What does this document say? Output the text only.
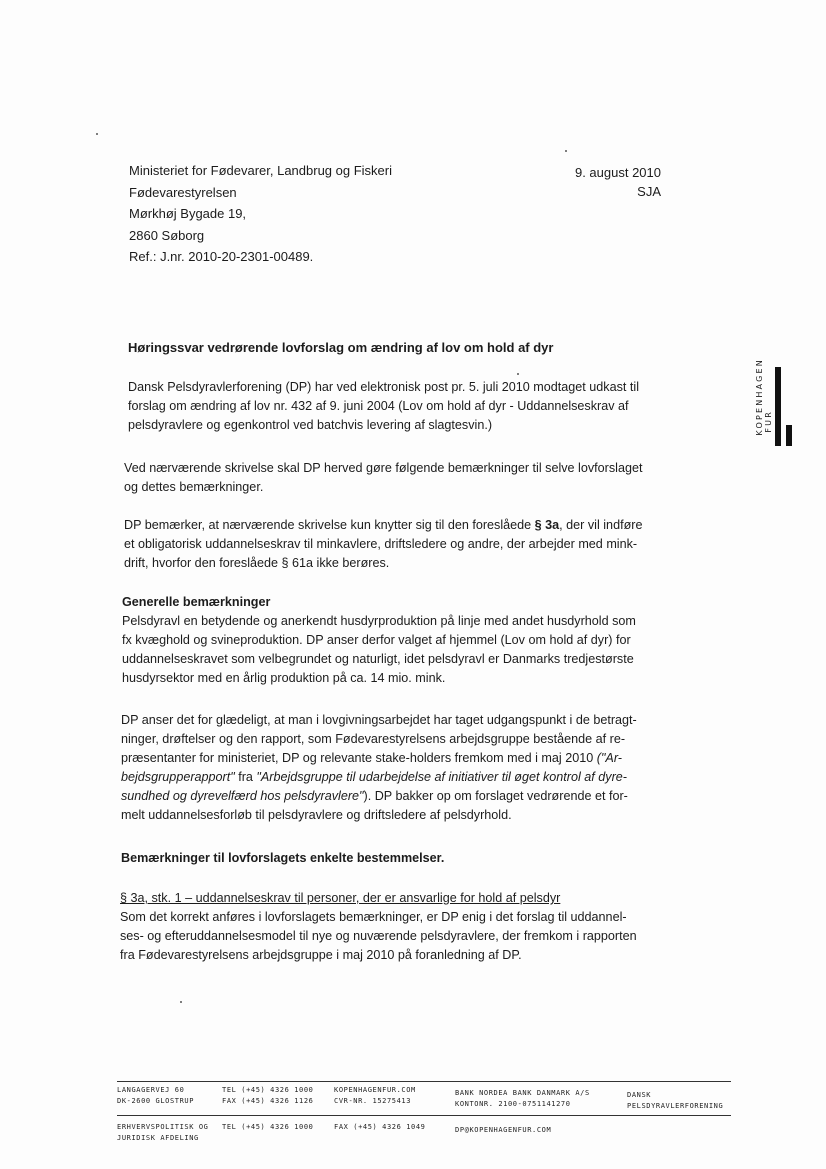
Ministeriet for Fødevarer, Landbrug og Fiskeri
Fødevarestyrelsen
Mørkhøj Bygade 19,
2860 Søborg
Ref.: J.nr. 2010-20-2301-00489.
9. august 2010
SJA
Høringssvar vedrørende lovforslag om ændring af lov om hold af dyr
KOPENHAGEN FUR

Dansk Pelsdyravlerforening (DP) har ved elektronisk post pr. 5. juli 2010 modtaget udkast til

forslag om ændring af lov nr. 432 af 9. juni 2004 (Lov om hold af dyr - Uddannelseskrav af

pelsdyravlere og egenkontrol ved batchvis levering af slagtesvin.)

Ved nærværende skrivelse skal DP herved gøre følgende bemærkninger til selve lovforslaget

og dettes bemærkninger.

DP bemærker, at nærværende skrivelse kun knytter sig til den foreslåede § 3a, der vil indføre

et obligatorisk uddannelseskrav til minkavlere, driftsledere og andre, der arbejder med mink-

drift, hvorfor den foreslåede § 61a ikke berøres.

Generelle bemærkninger

Pelsdyravl en betydende og anerkendt husdyrproduktion på linje med andet husdyrhold som

fx kvæghold og svineproduktion. DP anser derfor valget af hjemmel (Lov om hold af dyr) for

uddannelseskravet som velbegrundet og naturligt, idet pelsdyravl er Danmarks tredjestørste

husdyrsektor med en årlig produktion på ca. 14 mio. mink.

DP anser det for glædeligt, at man i lovgivningsarbejdet har taget udgangspunkt i de betragt-

ninger, drøftelser og den rapport, som Fødevarestyrelsens arbejdsgruppe bestående af re-

præsentanter for ministeriet, DP og relevante stake-holders fremkom med i maj 2010 ("Ar-

bejdsgrupperapport" fra "Arbejdsgruppe til udarbejdelse af initiativer til øget kontrol af dyre-

sundhed og dyrevelfærd hos pelsdyravlere"). DP bakker op om forslaget vedrørende et for-

melt uddannelsesforløb til pelsdyravlere og driftsledere af pelsdyrhold.

Bemærkninger til lovforslagets enkelte bestemmelser.

§ 3a, stk. 1 – uddannelseskrav til personer, der er ansvarlige for hold af pelsdyr

Som det korrekt anføres i lovforslagets bemærkninger, er DP enig i det forslag til uddannel-

ses- og efteruddannelsesmodel til nye og nuværende pelsdyravlere, der fremkom i rapporten

fra Fødevarestyrelsens arbejdsgruppe i maj 2010 på foranledning af DP.

LANGAGERVEJ 60
DK-2600 GLOSTRUP
TEL (+45) 4326 1000
FAX (+45) 4326 1126
KOPENHAGENFUR.COM
CVR-NR. 15275413
BANK NORDEA BANK DANMARK A/S
KONTONR. 2100-0751141270
DANSK
PELSDYRAVLERFORENING
ERHVERVSPOLITISK OG
JURIDISK AFDELING
TEL (+45) 4326 1000	FAX (+45) 4326 1049	DP@KOPENHAGENFUR.COM
